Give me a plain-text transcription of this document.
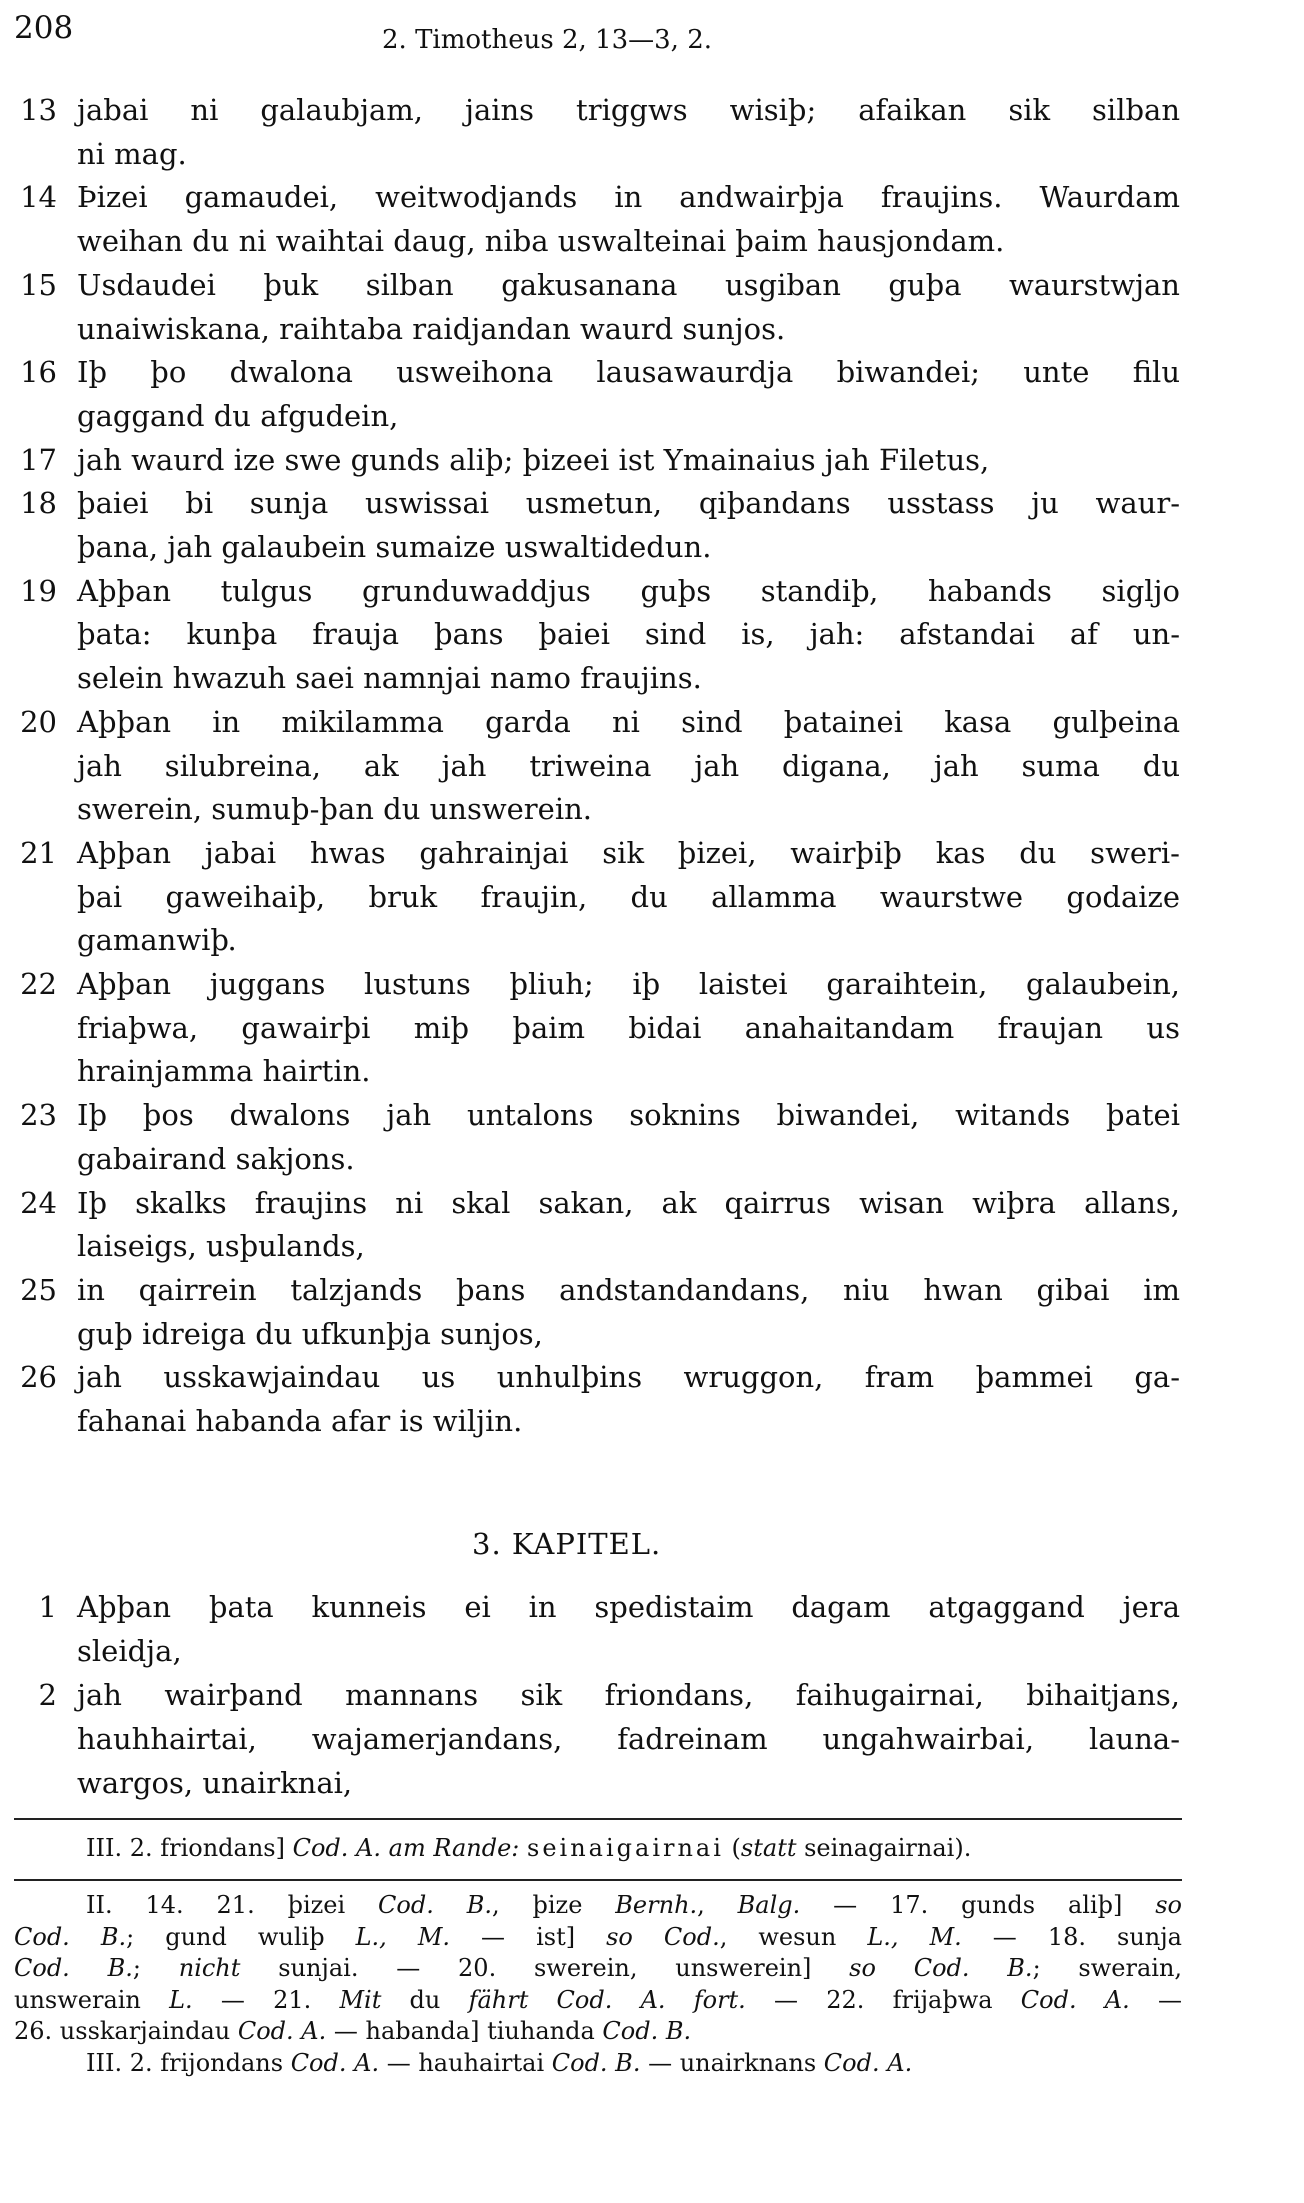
208	2. Timotheus 2, 13—3, 2.
13 jabai ni galaubjam, jains triggws wisiþ; afaikan sik silban
ni mag.
14 Þizei gamaudei, weitwodjands in andwairþja fraujins. Waurdam
weihan du ni waihtai daug, niba uswalteinai þaim hausjondam.
15 Usdaudei þuk silban gakusanana usgiban guþa waurstwjan
unaiwiskana, raihtaba raidjandan waurd sunjos.
16 Iþ þo dwalona usweihona lausawaurdja biwandei; unte filu
gaggand du afgudein,
17 jah waurd ize swe gunds aliþ; þizeei ist Ymainaius jah Filetus,
18 þaiei bi sunja uswissai usmetun, qiþandans usstass ju waur-
þana, jah galaubein sumaize uswaltidedun.
19 Aþþan tulgus grunduwaddjus guþs standiþ, habands sigljo
þata: kunþa frauja þans þaiei sind is, jah: afstandai af un-
selein hwazuh saei namnjai namo fraujins.
20 Aþþan in mikilamma garda ni sind þatainei kasa gulþeina
jah silubreina, ak jah triweina jah digana, jah suma du
swerein, sumuþ-þan du unswerein.
21 Aþþan jabai hwas gahrainjai sik þizei, wairþiþ kas du sweri-
þai gaweihaiþ, bruk fraujin, du allamma waurstwe godaize
gamanwiþ.
22 Aþþan juggans lustuns þliuh; iþ laistei garaihtein, galaubein,
friaþwa, gawairþi miþ þaim bidai anahaitandam fraujan us
hrainjamma hairtin.
23 Iþ þos dwalons jah untalons soknins biwandei, witands þatei
gabairand sakjons.
24 Iþ skalks fraujins ni skal sakan, ak qairrus wisan wiþra allans,
laiseigs, usþulands,
25 in qairrein talzjands þans andstandandans, niu hwan gibai im
guþ idreiga du ufkunþja sunjos,
26 jah usskawjaindau us unhulþins wruggon, fram þammei ga-
fahanai habanda afar is wiljin.
3. KAPITEL.
1 Aþþan þata kunneis ei in spedistaim dagam atgaggand jera
sleidja,
2 jah wairþand mannans sik friondans, faihugairnai, bihaitjans,
hauhhairtai, wajamerjandans, fadreinam ungahwairbai, launa-
wargos, unairknai,
III. 2. friondans] Cod. A. am Rande: seinaigairnai (statt seinagairnai).
II. 14. 21. þizei Cod. B., þize Bernh., Balg. — 17. gunds aliþ] so
Cod. B.; gund wuliþ L., M. — ist] so Cod., wesun L., M. — 18. sunja
Cod. B.; nicht sunjai. — 20. swerein, unswerein] so Cod. B.; swerain,
unswerain L. — 21. Mit du fährt Cod. A. fort. — 22. frijaþwa Cod. A. —
26. usskarjaindau Cod. A. — habanda] tiuhanda Cod. B.
III. 2. frijondans Cod. A. — hauhairtai Cod. B. — unairknans Cod. A.
